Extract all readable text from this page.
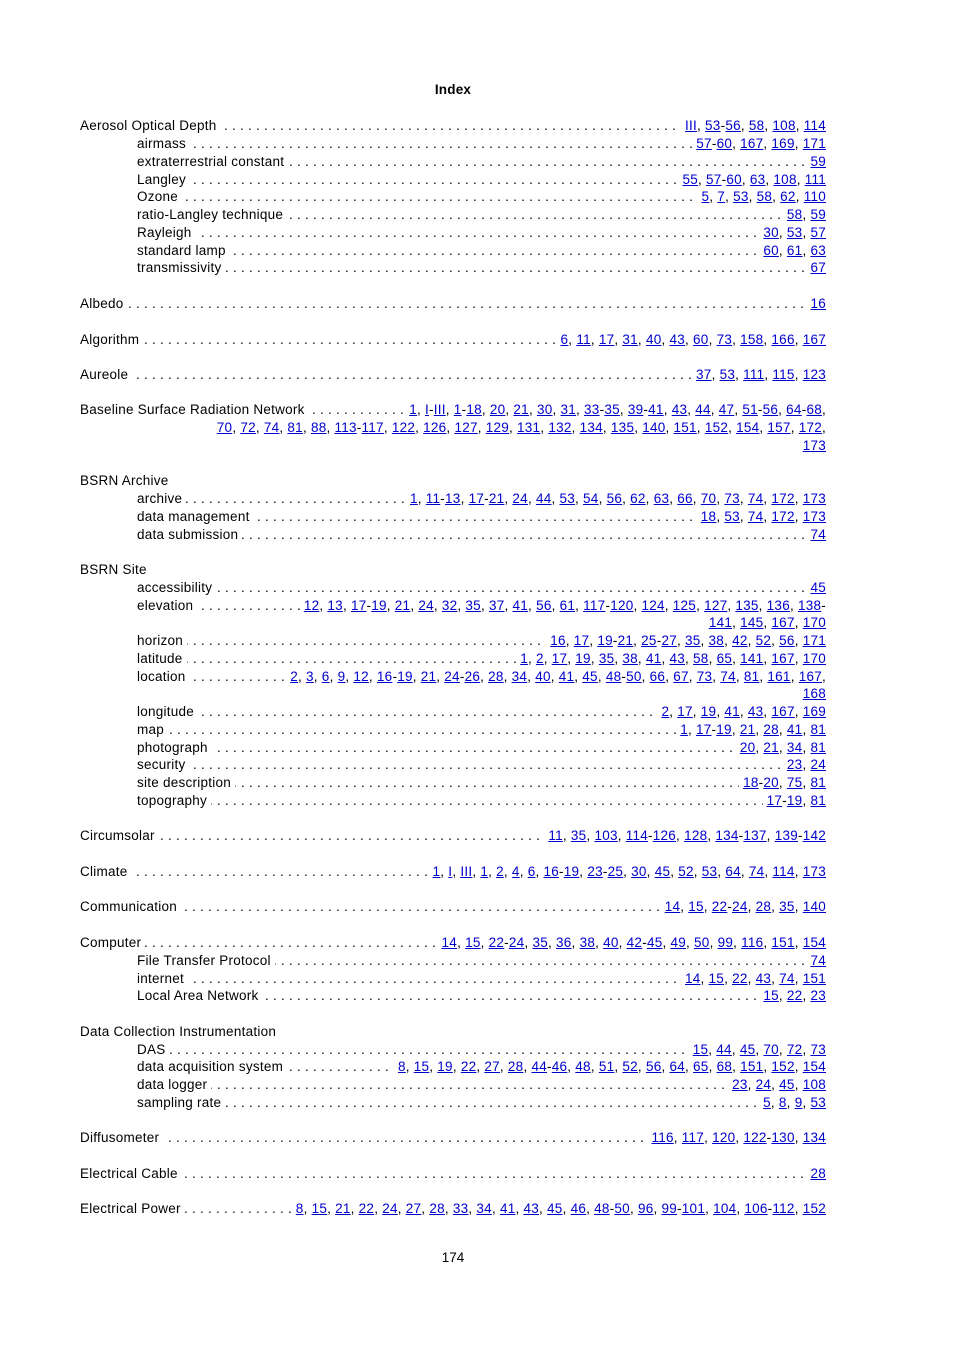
Index
. . .
Aerosol Optical Depth	III, 53-56, 58, 108, 114
. . .
airmass	57-60, 167, 169, 171
. . .
extraterrestrial constant	59
. . .
Langley	55, 57-60, 63, 108, 111
. . .
Ozone	5, 7, 53, 58, 62, 110
. . .
ratio-Langley technique	58, 59
. . .
Rayleigh	30, 53, 57
. . .
standard lamp	60, 61, 63
. . .
transmissivity	67
. . .
Albedo	16
. . .
Algorithm	6, 11, 17, 31, 40, 43, 60, 73, 158, 166, 167
. . .
Aureole	37, 53, 111, 115, 123
. . .
Baseline Surface Radiation Network	1, I-III, 1-18, 20, 21, 30, 31, 33-35, 39-41, 43, 44, 47, 51-56, 64-68,
70, 72, 74, 81, 88, 113-117, 122, 126, 127, 129, 131, 132, 134, 135, 140, 151, 152, 154, 157, 172,
173
BSRN Archive
. . .
archive	1, 11-13, 17-21, 24, 44, 53, 54, 56, 62, 63, 66, 70, 73, 74, 172, 173
. . .
data management	18, 53, 74, 172, 173
. . .
data submission	74
BSRN Site
. . .
accessibility	45
. . .
elevation	12, 13, 17-19, 21, 24, 32, 35, 37, 41, 56, 61, 117-120, 124, 125, 127, 135, 136, 138-
141, 145, 167, 170
. . .
horizon	16, 17, 19-21, 25-27, 35, 38, 42, 52, 56, 171
. . .
latitude	1, 2, 17, 19, 35, 38, 41, 43, 58, 65, 141, 167, 170
. . .
location	2, 3, 6, 9, 12, 16-19, 21, 24-26, 28, 34, 40, 41, 45, 48-50, 66, 67, 73, 74, 81, 161, 167,
168
. . .
longitude	2, 17, 19, 41, 43, 167, 169
. . .
map	1, 17-19, 21, 28, 41, 81
. . .
photograph	20, 21, 34, 81
. . .
security	23, 24
. . .
site description	18-20, 75, 81
. . .
topography	17-19, 81
. . .
Circumsolar	11, 35, 103, 114-126, 128, 134-137, 139-142
. . .
Climate	1, I, III, 1, 2, 4, 6, 16-19, 23-25, 30, 45, 52, 53, 64, 74, 114, 173
. . .
Communication	14, 15, 22-24, 28, 35, 140
. . .
Computer	14, 15, 22-24, 35, 36, 38, 40, 42-45, 49, 50, 99, 116, 151, 154
. . .
File Transfer Protocol	74
. . .
internet	14, 15, 22, 43, 74, 151
. . .
Local Area Network	15, 22, 23
Data Collection Instrumentation
. . .
DAS	15, 44, 45, 70, 72, 73
. . .
data acquisition system	8, 15, 19, 22, 27, 28, 44-46, 48, 51, 52, 56, 64, 65, 68, 151, 152, 154
. . .
data logger	23, 24, 45, 108
. . .
sampling rate	5, 8, 9, 53
. . .
Diffusometer	116, 117, 120, 122-130, 134
. . .
Electrical Cable	28
. . .
Electrical Power	8, 15, 21, 22, 24, 27, 28, 33, 34, 41, 43, 45, 46, 48-50, 96, 99-101, 104, 106-112, 152
174
